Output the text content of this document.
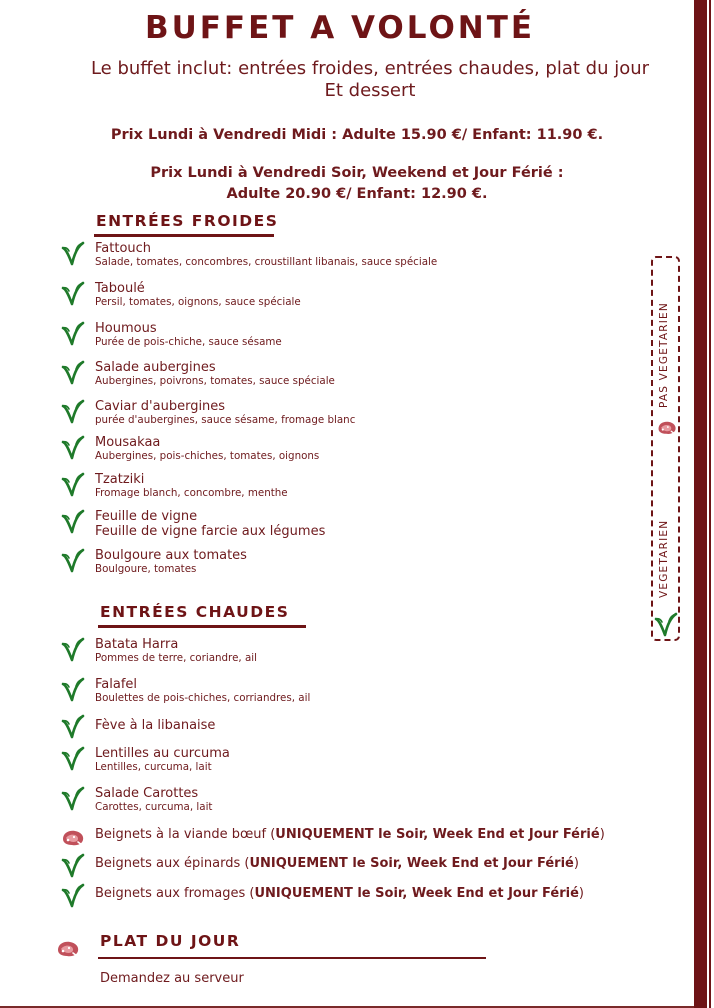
BUFFET A VOLONTÉ
Le buffet inclut: entrées froides, entrées chaudes, plat du jour
Et dessert
Prix Lundi à Vendredi Midi : Adulte 15.90 €/ Enfant: 11.90 €.
Prix Lundi à Vendredi Soir, Weekend et Jour Férié :
Adulte 20.90 €/ Enfant: 12.90 €.
ENTRÉES FROIDES
Fattouch
Salade, tomates, concombres, croustillant libanais, sauce spéciale
Taboulé
Persil, tomates, oignons, sauce spéciale
Houmous
Purée de pois-chiche, sauce sésame
Salade aubergines
Aubergines, poivrons, tomates, sauce spéciale
Caviar d'aubergines
purée d'aubergines, sauce sésame, fromage blanc
Mousakaa
Aubergines, pois-chiches, tomates, oignons
Tzatziki
Fromage blanch, concombre, menthe
Feuille de vigne
Feuille de vigne farcie aux légumes
Boulgoure aux tomates
Boulgoure, tomates
ENTRÉES CHAUDES
Batata Harra
Pommes de terre, coriandre, ail
Falafel
Boulettes de pois-chiches, corriandres, ail
Fève à la libanaise
Lentilles au curcuma
Lentilles, curcuma, lait
Salade Carottes
Carottes, curcuma, lait
Beignets à la viande bœuf (UNIQUEMENT le Soir, Week End et Jour Férié)
Beignets aux épinards (UNIQUEMENT le Soir, Week End et Jour Férié)
Beignets aux fromages (UNIQUEMENT le Soir, Week End et Jour Férié)
PLAT DU JOUR
Demandez au serveur
PAS VEGETARIEN
VEGETARIEN
